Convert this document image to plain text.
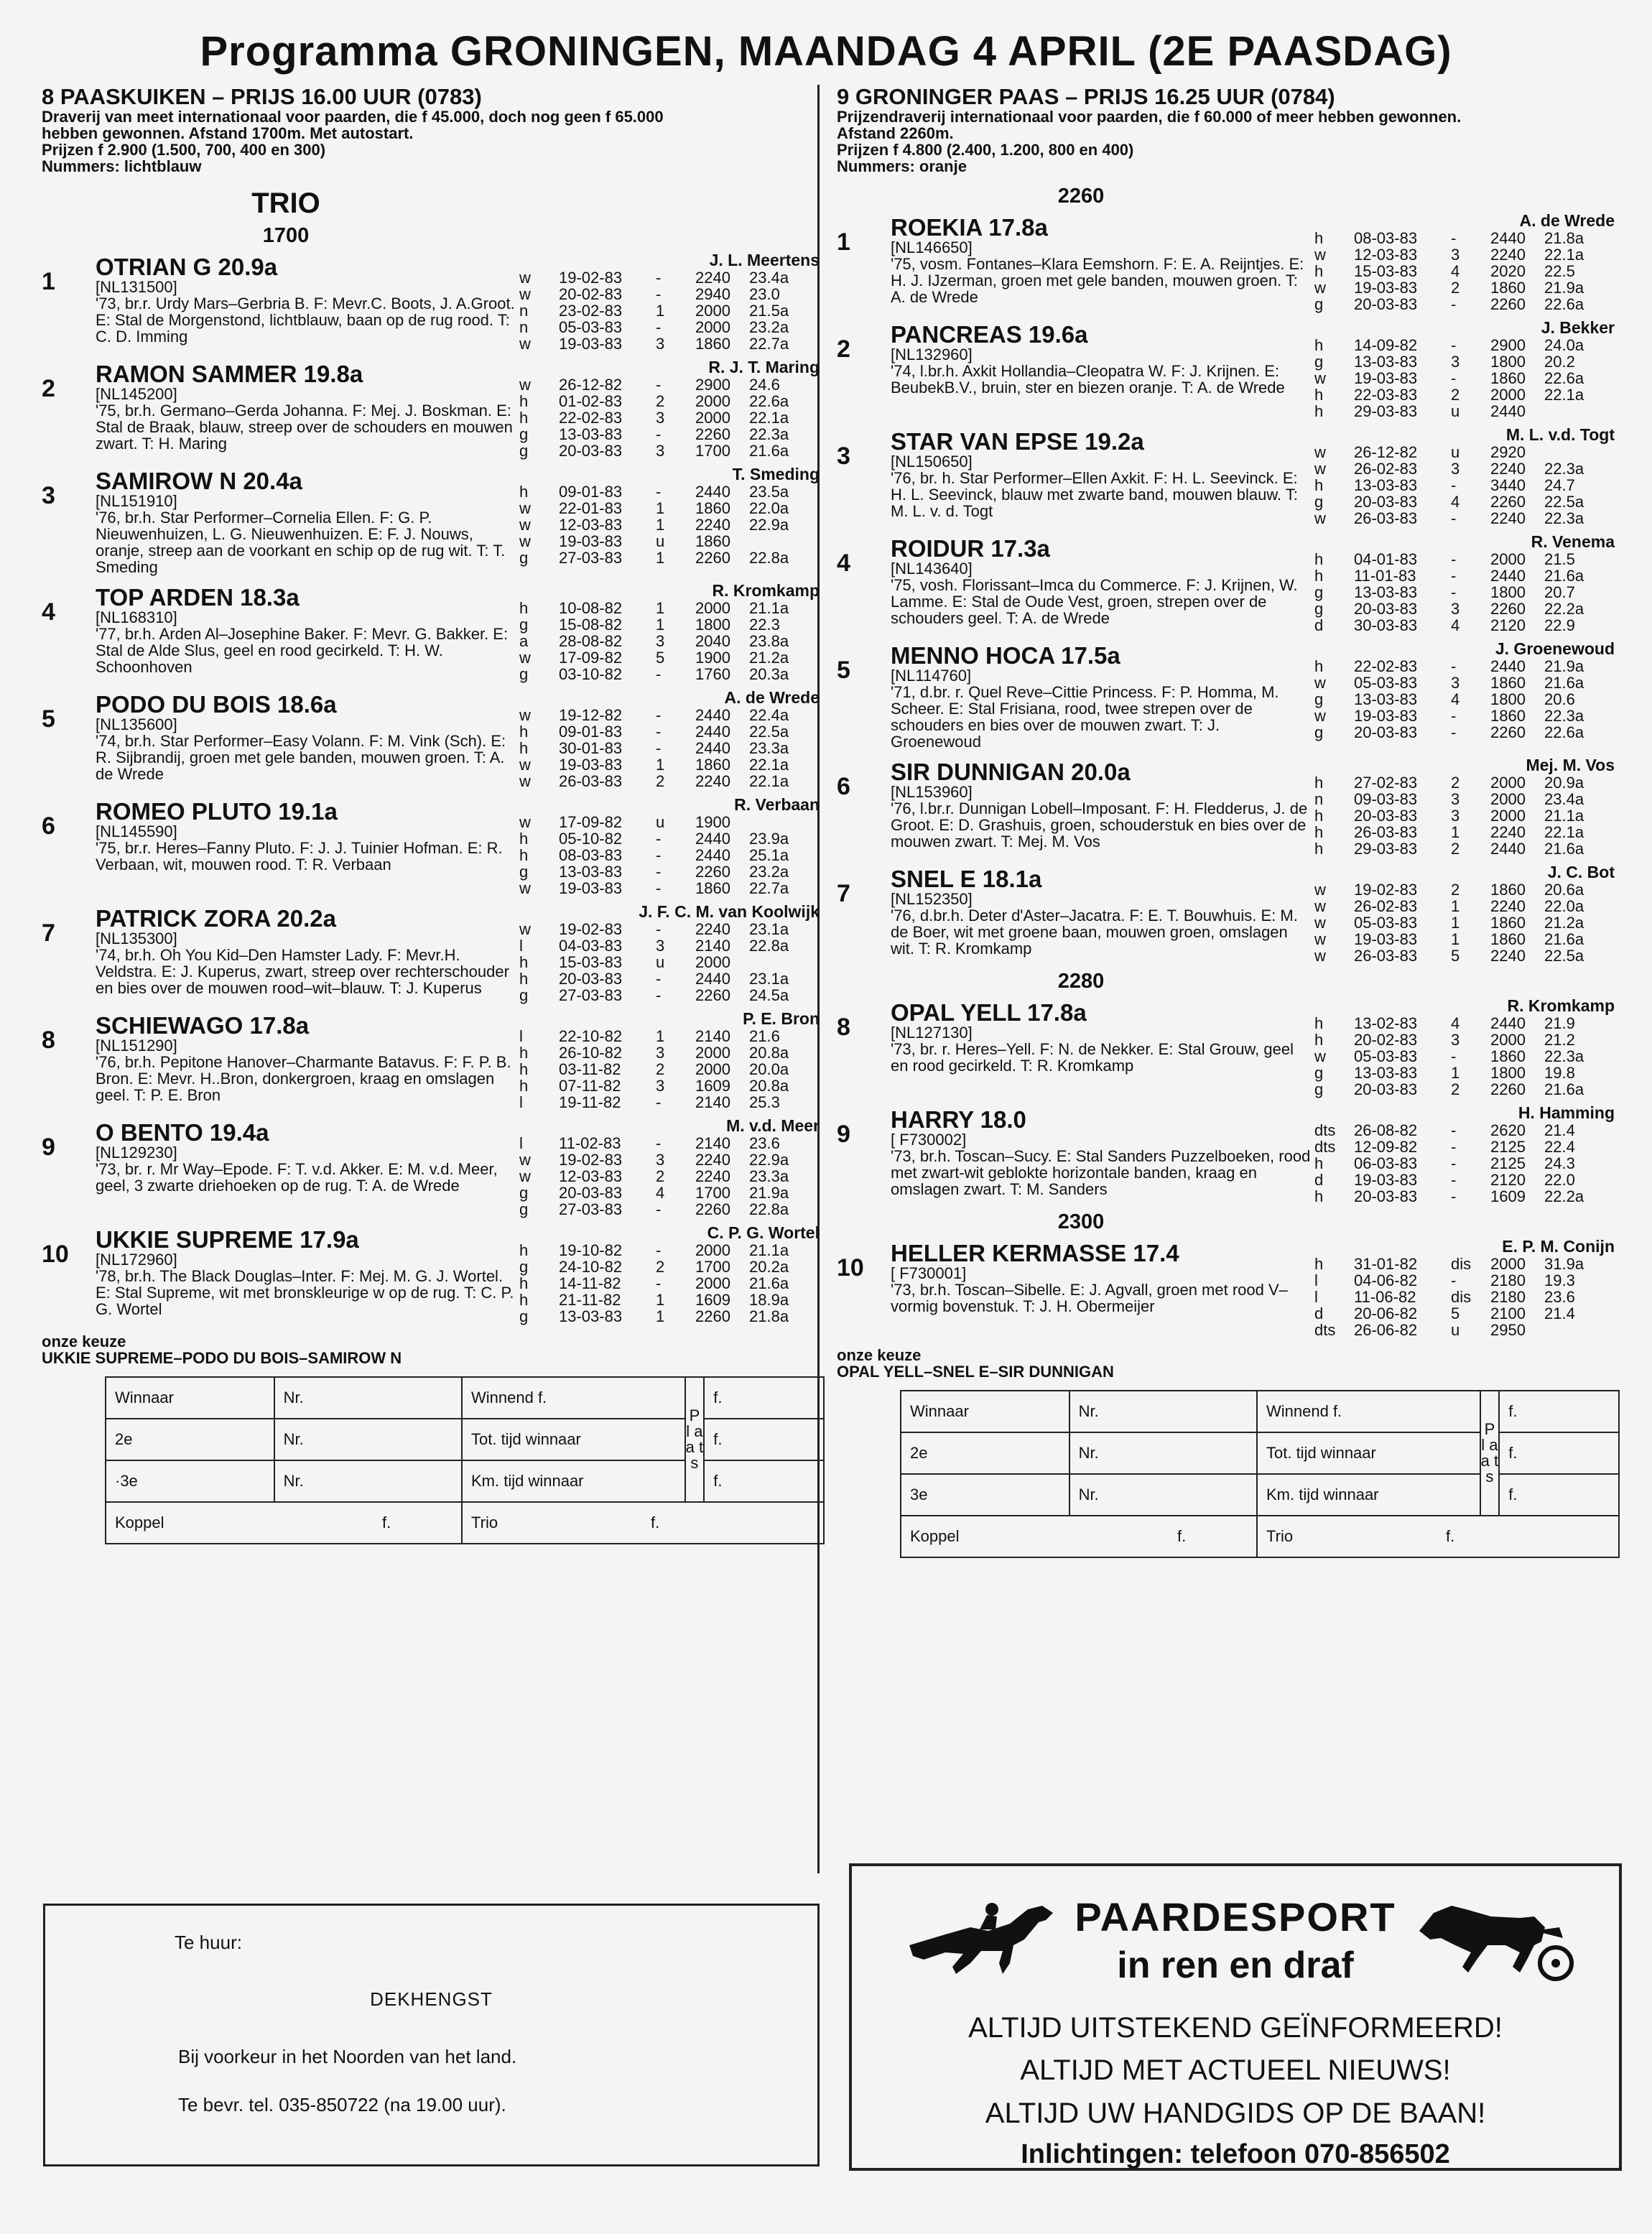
Programma GRONINGEN, MAANDAG 4 APRIL (2E PAASDAG)
8 PAASKUIKEN – PRIJS 16.00 UUR (0783)
Draverij van meet internationaal voor paarden, die f 45.000, doch nog geen f 65.000
hebben gewonnen. Afstand 1700m. Met autostart.
Prijzen f 2.900 (1.500, 700, 400 en 300)
Nummers: lichtblauw
TRIO
1700
1
OTRIAN G 20.9a
[NL131500]
'73, br.r. Urdy Mars–Gerbria B. F: Mevr.C. Boots, J. A.Groot. E: Stal de Morgenstond, lichtblauw, baan op de rug rood. T: C. D. Imming
J. L. Meertens
w	19-02-83	-	2240	23.4a
w	20-02-83	-	2940	23.0
n	23-02-83	1	2000	21.5a
n	05-03-83	-	2000	23.2a
w	19-03-83	3	1860	22.7a
2
RAMON SAMMER 19.8a
[NL145200]
'75, br.h. Germano–Gerda Johanna. F: Mej. J. Boskman. E: Stal de Braak, blauw, streep over de schouders en mouwen zwart. T: H. Maring
R. J. T. Maring
w	26-12-82	-	2900	24.6
h	01-02-83	2	2000	22.6a
h	22-02-83	3	2000	22.1a
g	13-03-83	-	2260	22.3a
g	20-03-83	3	1700	21.6a
3
SAMIROW N 20.4a
[NL151910]
'76, br.h. Star Performer–Cornelia Ellen. F: G. P. Nieuwenhuizen, L. G. Nieuwenhuizen. E: F. J. Nouws, oranje, streep aan de voorkant en schip op de rug wit. T: T. Smeding
T. Smeding
h	09-01-83	-	2440	23.5a
w	22-01-83	1	1860	22.0a
w	12-03-83	1	2240	22.9a
w	19-03-83	u	1860
g	27-03-83	1	2260	22.8a
4
TOP ARDEN 18.3a
[NL168310]
'77, br.h. Arden Al–Josephine Baker. F: Mevr. G. Bakker. E: Stal de Alde Slus, geel en rood gecirkeld. T: H. W. Schoonhoven
R. Kromkamp
h	10-08-82	1	2000	21.1a
g	15-08-82	1	1800	22.3
a	28-08-82	3	2040	23.8a
w	17-09-82	5	1900	21.2a
g	03-10-82	-	1760	20.3a
5
PODO DU BOIS 18.6a
[NL135600]
'74, br.h. Star Performer–Easy Volann. F: M. Vink (Sch). E: R. Sijbrandij, groen met gele banden, mouwen groen. T: A. de Wrede
A. de Wrede
w	19-12-82	-	2440	22.4a
h	09-01-83	-	2440	22.5a
h	30-01-83	-	2440	23.3a
w	19-03-83	1	1860	22.1a
w	26-03-83	2	2240	22.1a
6
ROMEO PLUTO 19.1a
[NL145590]
'75, br.r. Heres–Fanny Pluto. F: J. J. Tuinier Hofman. E: R. Verbaan, wit, mouwen rood. T: R. Verbaan
R. Verbaan
w	17-09-82	u	1900
h	05-10-82	-	2440	23.9a
h	08-03-83	-	2440	25.1a
g	13-03-83	-	2260	23.2a
w	19-03-83	-	1860	22.7a
7
PATRICK ZORA 20.2a
[NL135300]
'74, br.h. Oh You Kid–Den Hamster Lady. F: Mevr.H. Veldstra. E: J. Kuperus, zwart, streep over rechterschouder en bies over de mouwen rood–wit–blauw. T: J. Kuperus
J. F. C. M. van Koolwijk
w	19-02-83	-	2240	23.1a
l	04-03-83	3	2140	22.8a
h	15-03-83	u	2000
h	20-03-83	-	2440	23.1a
g	27-03-83	-	2260	24.5a
8
SCHIEWAGO 17.8a
[NL151290]
'76, br.h. Pepitone Hanover–Charmante Batavus. F: F. P. B. Bron. E: Mevr. H..Bron, donkergroen, kraag en omslagen geel. T: P. E. Bron
P. E. Bron
l	22-10-82	1	2140	21.6
h	26-10-82	3	2000	20.8a
h	03-11-82	2	2000	20.0a
h	07-11-82	3	1609	20.8a
l	19-11-82	-	2140	25.3
9
O BENTO 19.4a
[NL129230]
'73, br. r. Mr Way–Epode. F: T. v.d. Akker. E: M. v.d. Meer, geel, 3 zwarte driehoeken op de rug. T: A. de Wrede
M. v.d. Meer
l	11-02-83	-	2140	23.6
w	19-02-83	3	2240	22.9a
w	12-03-83	2	2240	23.3a
g	20-03-83	4	1700	21.9a
g	27-03-83	-	2260	22.8a
10
UKKIE SUPREME 17.9a
[NL172960]
'78, br.h. The Black Douglas–Inter. F: Mej. M. G. J. Wortel. E: Stal Supreme, wit met bronskleurige w op de rug. T: C. P. G. Wortel
C. P. G. Wortel
h	19-10-82	-	2000	21.1a
g	24-10-82	2	1700	20.2a
h	14-11-82	-	2000	21.6a
h	21-11-82	1	1609	18.9a
g	13-03-83	1	2260	21.8a
onze keuze
UKKIE SUPREME–PODO DU BOIS–SAMIROW N
Winnaar	Nr.	Winnend f.	P l a a t s	f.
2e	Nr.	Tot. tijd winnaar		f.
·3e	Nr.	Km. tijd winnaar		f.

Koppel f.		Trio f.		
9 GRONINGER PAAS – PRIJS 16.25 UUR (0784)
Prijzendraverij internationaal voor paarden, die f 60.000 of meer hebben gewonnen.
Afstand 2260m.
Prijzen f 4.800 (2.400, 1.200, 800 en 400)
Nummers: oranje
2260
1
ROEKIA 17.8a
[NL146650]
'75, vosm. Fontanes–Klara Eemshorn. F: E. A. Reijntjes. E: H. J. IJzerman, groen met gele banden, mouwen groen. T: A. de Wrede
A. de Wrede
h	08-03-83	-	2440	21.8a
w	12-03-83	3	2240	22.1a
h	15-03-83	4	2020	22.5
w	19-03-83	2	1860	21.9a
g	20-03-83	-	2260	22.6a
2
PANCREAS 19.6a
[NL132960]
'74, l.br.h. Axkit Hollandia–Cleopatra W. F: J. Krijnen. E: BeubekB.V., bruin, ster en biezen oranje. T: A. de Wrede
J. Bekker
h	14-09-82	-	2900	24.0a
g	13-03-83	3	1800	20.2
w	19-03-83	-	1860	22.6a
h	22-03-83	2	2000	22.1a
h	29-03-83	u	2440
3
STAR VAN EPSE 19.2a
[NL150650]
'76, br. h. Star Performer–Ellen Axkit. F: H. L. Seevinck. E: H. L. Seevinck, blauw met zwarte band, mouwen blauw. T: M. L. v. d. Togt
M. L. v.d. Togt
w	26-12-82	u	2920
w	26-02-83	3	2240	22.3a
h	13-03-83	-	3440	24.7
g	20-03-83	4	2260	22.5a
w	26-03-83	-	2240	22.3a
4
ROIDUR 17.3a
[NL143640]
'75, vosh. Florissant–Imca du Commerce. F: J. Krijnen, W. Lamme. E: Stal de Oude Vest, groen, strepen over de schouders geel. T: A. de Wrede
R. Venema
h	04-01-83	-	2000	21.5
h	11-01-83	-	2440	21.6a
g	13-03-83	-	1800	20.7
g	20-03-83	3	2260	22.2a
d	30-03-83	4	2120	22.9
5
MENNO HOCA 17.5a
[NL114760]
'71, d.br. r. Quel Reve–Cittie Princess. F: P. Homma, M. Scheer. E: Stal Frisiana, rood, twee strepen over de schouders en bies over de mouwen zwart. T: J. Groenewoud
J. Groenewoud
h	22-02-83	-	2440	21.9a
w	05-03-83	3	1860	21.6a
g	13-03-83	4	1800	20.6
w	19-03-83	-	1860	22.3a
g	20-03-83	-	2260	22.6a
6
SIR DUNNIGAN 20.0a
[NL153960]
'76, l.br.r. Dunnigan Lobell–Imposant. F: H. Fledderus, J. de Groot. E: D. Grashuis, groen, schouderstuk en bies over de mouwen zwart. T: Mej. M. Vos
Mej. M. Vos
h	27-02-83	2	2000	20.9a
n	09-03-83	3	2000	23.4a
h	20-03-83	3	2000	21.1a
h	26-03-83	1	2240	22.1a
h	29-03-83	2	2440	21.6a
7
SNEL E 18.1a
[NL152350]
'76, d.br.h. Deter d'Aster–Jacatra. F: E. T. Bouwhuis. E: M. de Boer, wit met groene baan, mouwen groen, omslagen wit. T: R. Kromkamp
J. C. Bot
w	19-02-83	2	1860	20.6a
w	26-02-83	1	2240	22.0a
w	05-03-83	1	1860	21.2a
w	19-03-83	1	1860	21.6a
w	26-03-83	5	2240	22.5a
2280
8
OPAL YELL 17.8a
[NL127130]
'73, br. r. Heres–Yell. F: N. de Nekker. E: Stal Grouw, geel en rood gecirkeld. T: R. Kromkamp
R. Kromkamp
h	13-02-83	4	2440	21.9
h	20-02-83	3	2000	21.2
w	05-03-83	-	1860	22.3a
g	13-03-83	1	1800	19.8
g	20-03-83	2	2260	21.6a
9
HARRY 18.0
[ F730002]
'73, br.h. Toscan–Sucy. E: Stal Sanders Puzzelboeken, rood met zwart-wit geblokte horizontale banden, kraag en omslagen zwart. T: M. Sanders
H. Hamming
dts	26-08-82	-	2620	21.4
dts	12-09-82	-	2125	22.4
h	06-03-83	-	2125	24.3
d	19-03-83	-	2120	22.0
h	20-03-83	-	1609	22.2a
2300
10
HELLER KERMASSE 17.4
[ F730001]
'73, br.h. Toscan–Sibelle. E: J. Agvall, groen met rood V–vormig bovenstuk. T: J. H. Obermeijer
E. P. M. Conijn
h	31-01-82	dis	2000	31.9a
l	04-06-82	-	2180	19.3
l	11-06-82	dis	2180	23.6
d	20-06-82	5	2100	21.4
dts	26-06-82	u	2950
onze keuze
OPAL YELL–SNEL E–SIR DUNNIGAN
Winnaar	Nr.	Winnend f.	P l a a t s	f.
2e	Nr.	Tot. tijd winnaar		f.
3e	Nr.	Km. tijd winnaar		f.

Koppel f.		Trio f.		
Te huur:
DEKHENGST
Bij voorkeur in het Noorden van het land.
Te bevr. tel. 035-850722 (na 19.00 uur).
PAARDESPORT
in ren en draf
ALTIJD UITSTEKEND GEÏNFORMEERD!
ALTIJD MET ACTUEEL NIEUWS!
ALTIJD UW HANDGIDS OP DE BAAN!
Inlichtingen: telefoon 070-856502
